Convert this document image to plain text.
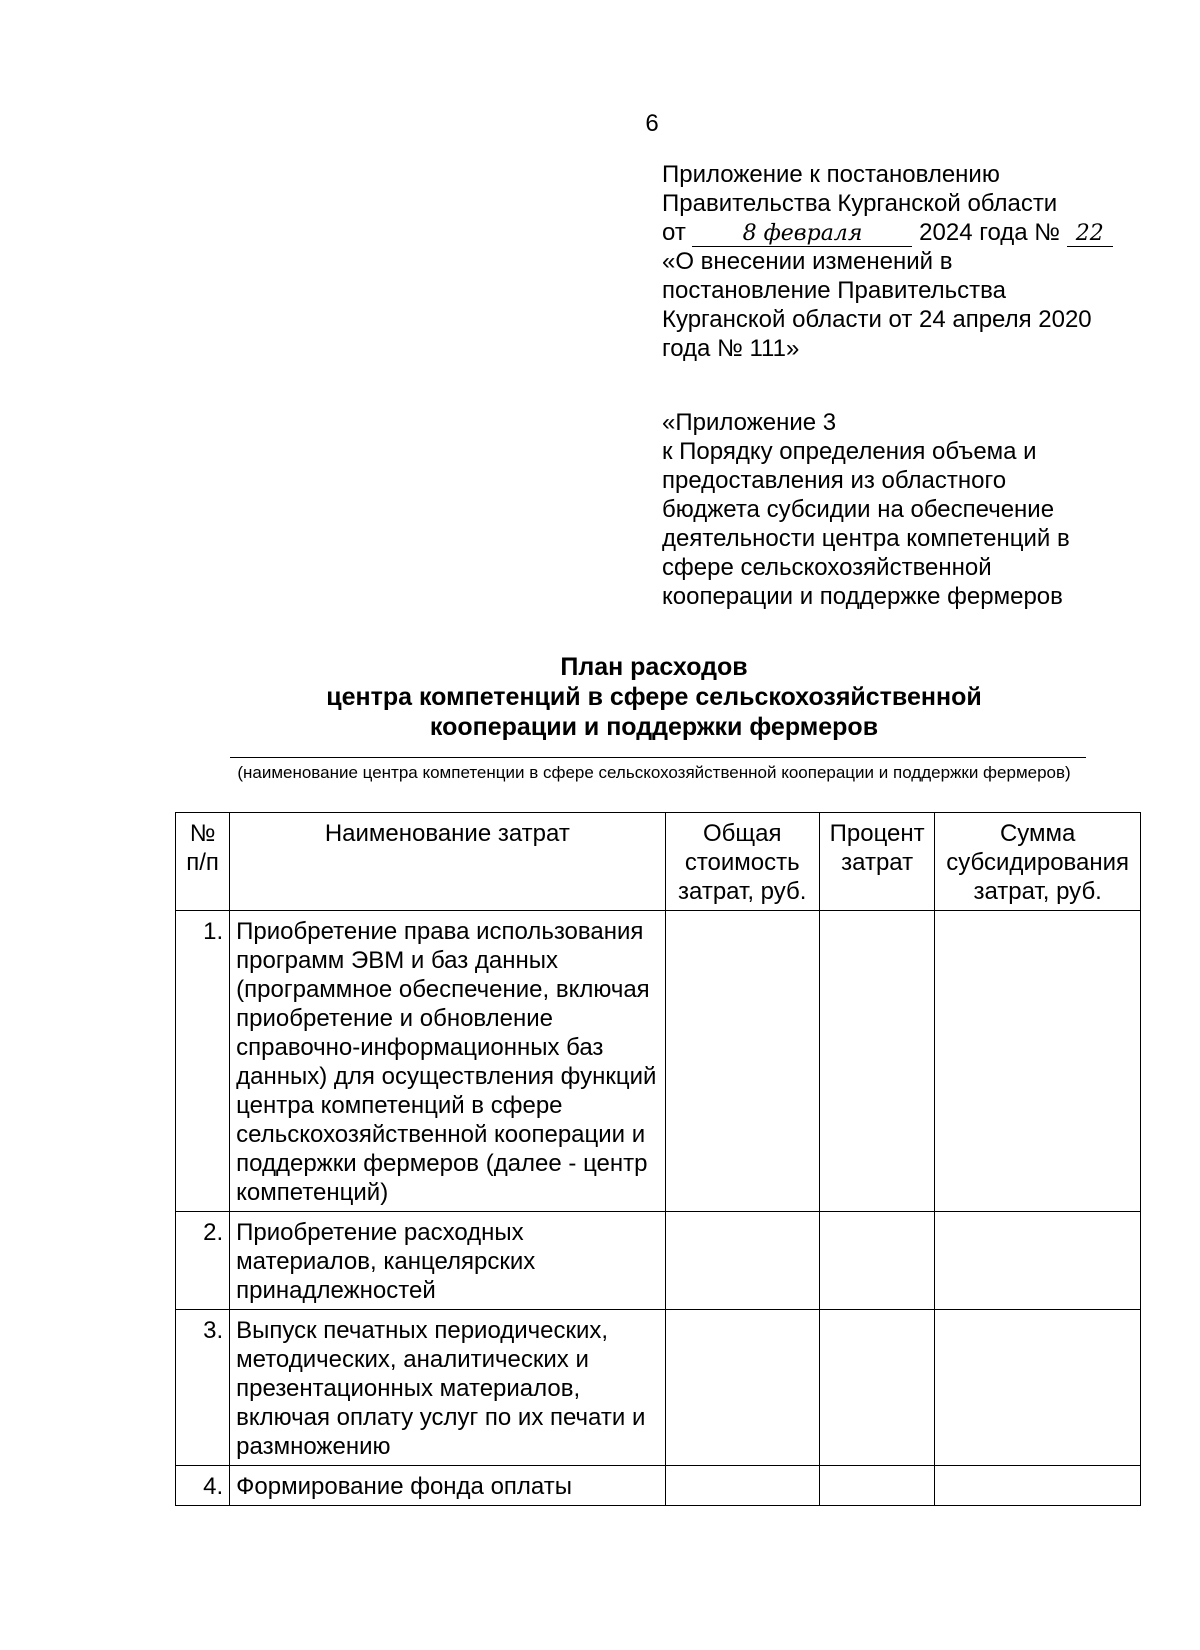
6
Приложение к постановлению
Правительства Курганской области
от	8 февраля 2024 года № 22
«О внесении изменений в
постановление Правительства
Курганской области от 24 апреля 2020
года № 111»
«Приложение 3
к Порядку определения объема и
предоставления из областного
бюджета субсидии на обеспечение
деятельности центра компетенций в
сфере сельскохозяйственной
кооперации и поддержке фермеров
План расходов
центра компетенций в сфере сельскохозяйственной
кооперации и поддержки фермеров
(наименование центра компетенции в сфере сельскохозяйственной кооперации и поддержки фермеров)
№ п/п	Наименование затрат	Общая стоимость затрат, руб.	Процент затрат	Сумма субсидирования затрат, руб.
1.	Приобретение права использования программ ЭВМ и баз данных (программное обеспечение, включая приобретение и обновление справочно-информационных баз данных) для осуществления функций центра компетенций в сфере сельскохозяйственной кооперации и поддержки фермеров (далее - центр компетенций)			
2.	Приобретение расходных материалов, канцелярских принадлежностей			
3.	Выпуск печатных периодических, методических, аналитических и презентационных материалов, включая оплату услуг по их печати и размножению			
4.	Формирование фонда оплаты			
